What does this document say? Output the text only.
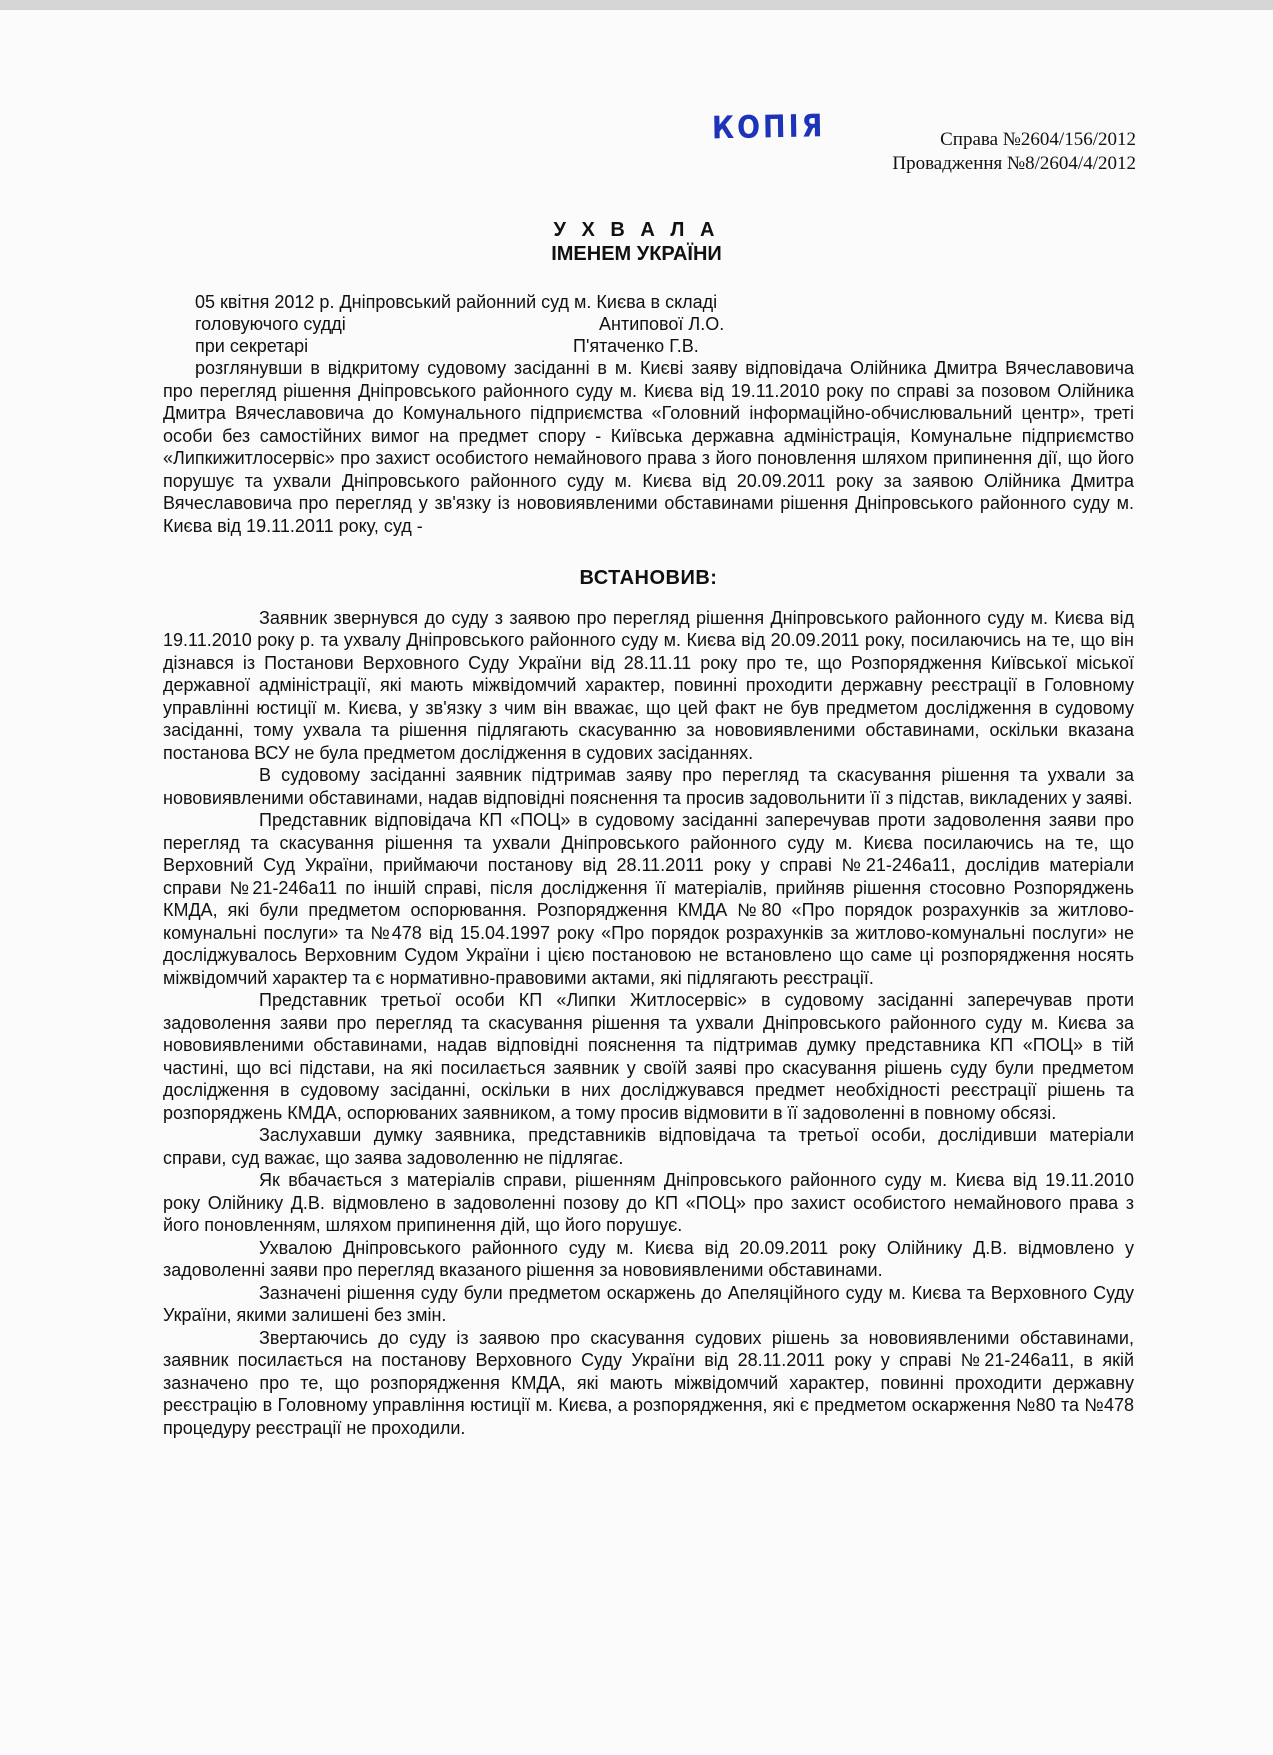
КОПІЯ	Справа №2604/156/2012
Провадження №8/2604/4/2012
У Х В А Л А
ІМЕНЕМ УКРАЇНИ
05 квітня 2012 р. Дніпровський районний суд м. Києва в складі
головуючого судді	Антипової Л.О.
при секретарі	П'ятаченко Г.В.

розглянувши в відкритому судовому засіданні в м. Києві заяву відповідача Олійника Дмитра Вячеславовича про перегляд рішення Дніпровського районного суду м. Києва від 19.11.2010 року по справі за позовом Олійника Дмитра Вячеславовича до Комунального підприємства «Головний інформаційно-обчислювальний центр», треті особи без самостійних вимог на предмет спору - Київська державна адміністрація, Комунальне підприємство «Липкижитлосервіс» про захист особистого немайнового права з його поновлення шляхом припинення дії, що його порушує та ухвали Дніпровського районного суду м. Києва від 20.09.2011 року за заявою Олійника Дмитра Вячеславовича про перегляд у зв'язку із нововиявленими обставинами рішення Дніпровського районного суду м. Києва від 19.11.2011 року, суд -

ВСТАНОВИВ:

Заявник звернувся до суду з заявою про перегляд рішення Дніпровського районного суду м. Києва від 19.11.2010 року р. та ухвалу Дніпровського районного суду м. Києва від 20.09.2011 року, посилаючись на те, що він дізнався із Постанови Верховного Суду України від 28.11.11 року про те, що Розпорядження Київської міської державної адміністрації, які мають міжвідомчий характер, повинні проходити державну реєстрації в Головному управлінні юстиції м. Києва, у зв'язку з чим він вважає, що цей факт не був предметом дослідження в судовому засіданні, тому ухвала та рішення підлягають скасуванню за нововиявленими обставинами, оскільки вказана постанова ВСУ не була предметом дослідження в судових засіданнях.

В судовому засіданні заявник підтримав заяву про перегляд та скасування рішення та ухвали за нововиявленими обставинами, надав відповідні пояснення та просив задовольнити її з підстав, викладених у заяві.

Представник відповідача КП «ПОЦ» в судовому засіданні заперечував проти задоволення заяви про перегляд та скасування рішення та ухвали Дніпровського районного суду м. Києва посилаючись на те, що Верховний Суд України, приймаючи постанову від 28.11.2011 року у справі №21-246а11, дослідив матеріали справи №21-246а11 по іншій справі, після дослідження її матеріалів, прийняв рішення стосовно Розпоряджень КМДА, які були предметом оспорювання. Розпорядження КМДА №80 «Про порядок розрахунків за житлово-комунальні послуги» та №478 від 15.04.1997 року «Про порядок розрахунків за житлово-комунальні послуги» не досліджувалось Верховним Судом України і цією постановою не встановлено що саме ці розпорядження носять міжвідомчий характер та є нормативно-правовими актами, які підлягають реєстрації.

Представник третьої особи КП «Липки Житлосервіс» в судовому засіданні заперечував проти задоволення заяви про перегляд та скасування рішення та ухвали Дніпровського районного суду м. Києва за нововиявленими обставинами, надав відповідні пояснення та підтримав думку представника КП «ПОЦ» в тій частині, що всі підстави, на які посилається заявник у своїй заяві про скасування рішень суду були предметом дослідження в судовому засіданні, оскільки в них досліджувався предмет необхідності реєстрації рішень та розпоряджень КМДА, оспорюваних заявником, а тому просив відмовити в її задоволенні в повному обсязі.

Заслухавши думку заявника, представників відповідача та третьої особи, дослідивши матеріали справи, суд важає, що заява задоволенню не підлягає.

Як вбачається з матеріалів справи, рішенням Дніпровського районного суду м. Києва від 19.11.2010 року Олійнику Д.В. відмовлено в задоволенні позову до КП «ПОЦ» про захист особистого немайнового права з його поновленням, шляхом припинення дій, що його порушує.

Ухвалою Дніпровського районного суду м. Києва від 20.09.2011 року Олійнику Д.В. відмовлено у задоволенні заяви про перегляд вказаного рішення за нововиявленими обставинами.

Зазначені рішення суду були предметом оскаржень до Апеляційного суду м. Києва та Верховного Суду України, якими залишені без змін.

Звертаючись до суду із заявою про скасування судових рішень за нововиявленими обставинами, заявник посилається на постанову Верховного Суду України від 28.11.2011 року у справі №21-246а11, в якій зазначено про те, що розпорядження КМДА, які мають міжвідомчий характер, повинні проходити державну реєстрацію в Головному управління юстиції м. Києва, а розпорядження, які є предметом оскарження №80 та №478 процедуру реєстрації не проходили.
